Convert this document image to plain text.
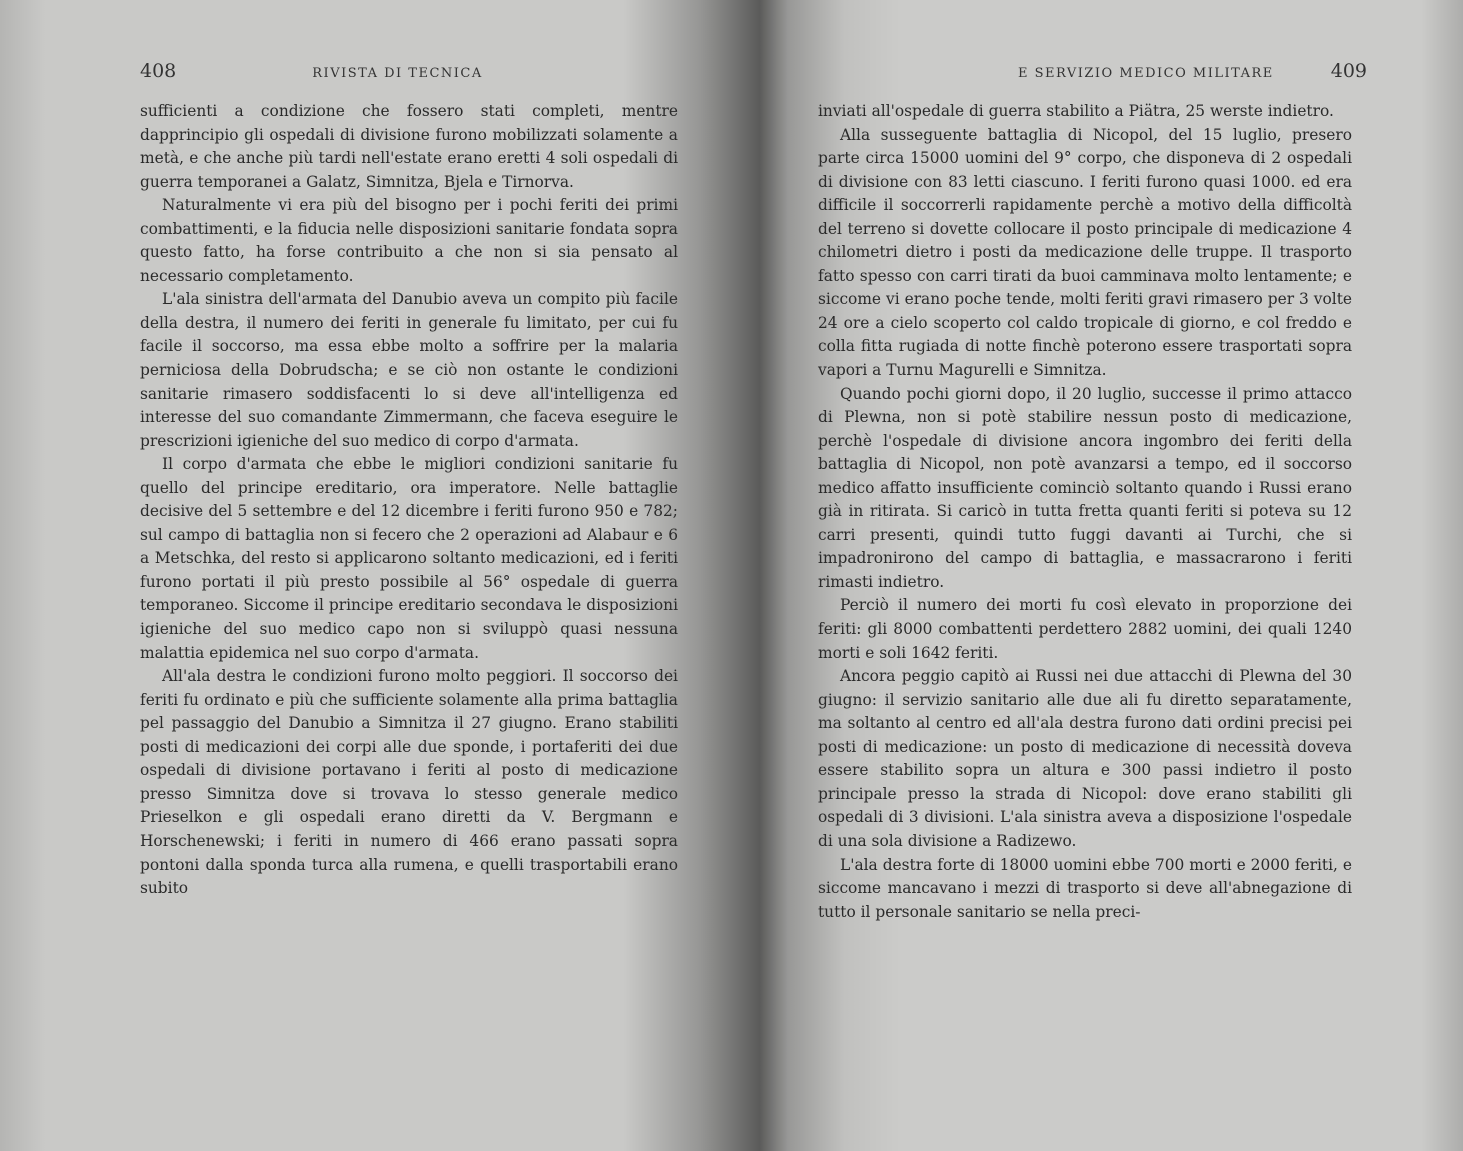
408	RIVISTA DI TECNICA

sufficienti a condizione che fossero stati completi, mentre dapprincipio gli ospedali di divisione furono mobilizzati solamente a metà, e che anche più tardi nell'estate erano eretti 4 soli ospedali di guerra temporanei a Galatz, Simnitza, Bjela e Tirnorva.

Naturalmente vi era più del bisogno per i pochi feriti dei primi combattimenti, e la fiducia nelle disposizioni sanitarie fondata sopra questo fatto, ha forse contribuito a che non si sia pensato al necessario completamento.

L'ala sinistra dell'armata del Danubio aveva un compito più facile della destra, il numero dei feriti in generale fu limitato, per cui fu facile il soccorso, ma essa ebbe molto a soffrire per la malaria perniciosa della Dobrudscha; e se ciò non ostante le condizioni sanitarie rimasero soddisfacenti lo si deve all'intelligenza ed interesse del suo comandante Zimmermann, che faceva eseguire le prescrizioni igieniche del suo medico di corpo d'armata.

Il corpo d'armata che ebbe le migliori condizioni sanitarie fu quello del principe ereditario, ora imperatore. Nelle battaglie decisive del 5 settembre e del 12 dicembre i feriti furono 950 e 782; sul campo di battaglia non si fecero che 2 operazioni ad Alabaur e 6 a Metschka, del resto si applicarono soltanto medicazioni, ed i feriti furono portati il più presto possibile al 56° ospedale di guerra temporaneo. Siccome il principe ereditario secondava le disposizioni igieniche del suo medico capo non si sviluppò quasi nessuna malattia epidemica nel suo corpo d'armata.

All'ala destra le condizioni furono molto peggiori. Il soccorso dei feriti fu ordinato e più che sufficiente solamente alla prima battaglia pel passaggio del Danubio a Simnitza il 27 giugno. Erano stabiliti posti di medicazioni dei corpi alle due sponde, i portaferiti dei due ospedali di divisione portavano i feriti al posto di medicazione presso Simnitza dove si trovava lo stesso generale medico Prieselkon e gli ospedali erano diretti da V. Bergmann e Horschenewski; i feriti in numero di 466 erano passati sopra pontoni dalla sponda turca alla rumena, e quelli trasportabili erano subito

E SERVIZIO MEDICO MILITARE	409

inviati all'ospedale di guerra stabilito a Piätra, 25 werste indietro.

Alla susseguente battaglia di Nicopol, del 15 luglio, presero parte circa 15000 uomini del 9° corpo, che disponeva di 2 ospedali di divisione con 83 letti ciascuno. I feriti furono quasi 1000. ed era difficile il soccorrerli rapidamente perchè a motivo della difficoltà del terreno si dovette collocare il posto principale di medicazione 4 chilometri dietro i posti da medicazione delle truppe. Il trasporto fatto spesso con carri tirati da buoi camminava molto lentamente; e siccome vi erano poche tende, molti feriti gravi rimasero per 3 volte 24 ore a cielo scoperto col caldo tropicale di giorno, e col freddo e colla fitta rugiada di notte finchè poterono essere trasportati sopra vapori a Turnu Magurelli e Simnitza.

Quando pochi giorni dopo, il 20 luglio, successe il primo attacco di Plewna, non si potè stabilire nessun posto di medicazione, perchè l'ospedale di divisione ancora ingombro dei feriti della battaglia di Nicopol, non potè avanzarsi a tempo, ed il soccorso medico affatto insufficiente cominciò soltanto quando i Russi erano già in ritirata. Si caricò in tutta fretta quanti feriti si poteva su 12 carri presenti, quindi tutto fuggi davanti ai Turchi, che si impadronirono del campo di battaglia, e massacrarono i feriti rimasti indietro.

Perciò il numero dei morti fu così elevato in proporzione dei feriti: gli 8000 combattenti perdettero 2882 uomini, dei quali 1240 morti e soli 1642 feriti.

Ancora peggio capitò ai Russi nei due attacchi di Plewna del 30 giugno: il servizio sanitario alle due ali fu diretto separatamente, ma soltanto al centro ed all'ala destra furono dati ordini precisi pei posti di medicazione: un posto di medicazione di necessità doveva essere stabilito sopra un altura e 300 passi indietro il posto principale presso la strada di Nicopol: dove erano stabiliti gli ospedali di 3 divisioni. L'ala sinistra aveva a disposizione l'ospedale di una sola divisione a Radizewo.

L'ala destra forte di 18000 uomini ebbe 700 morti e 2000 feriti, e siccome mancavano i mezzi di trasporto si deve all'abnegazione di tutto il personale sanitario se nella preci-
